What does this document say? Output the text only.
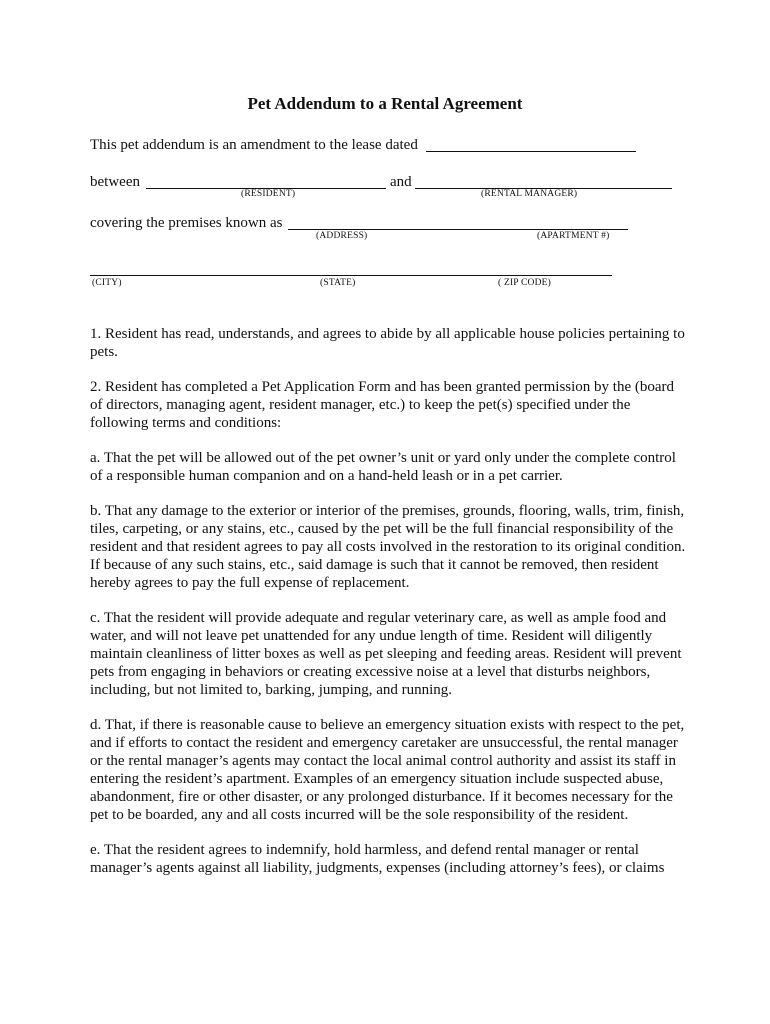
Pet Addendum to a Rental Agreement
This pet addendum is an amendment to the lease dated
between	and
(RESIDENT)	(RENTAL MANAGER)
covering the premises known as
(ADDRESS)	(APARTMENT #)
(CITY)	(STATE)	( ZIP CODE)

1. Resident has read, understands, and agrees to abide by all applicable house policies pertaining to pets.

2. Resident has completed a Pet Application Form and has been granted permission by the (board of directors, managing agent, resident manager, etc.) to keep the pet(s) specified under the following terms and conditions:

a. That the pet will be allowed out of the pet owner’s unit or yard only under the complete control of a responsible human companion and on a hand-held leash or in a pet carrier.

b. That any damage to the exterior or interior of the premises, grounds, flooring, walls, trim, finish, tiles, carpeting, or any stains, etc., caused by the pet will be the full financial responsibility of the resident and that resident agrees to pay all costs involved in the restoration to its original condition. If because of any such stains, etc., said damage is such that it cannot be removed, then resident hereby agrees to pay the full expense of replacement.

c. That the resident will provide adequate and regular veterinary care, as well as ample food and water, and will not leave pet unattended for any undue length of time. Resident will diligently maintain cleanliness of litter boxes as well as pet sleeping and feeding areas. Resident will prevent pets from engaging in behaviors or creating excessive noise at a level that disturbs neighbors, including, but not limited to, barking, jumping, and running.

d. That, if there is reasonable cause to believe an emergency situation exists with respect to the pet, and if efforts to contact the resident and emergency caretaker are unsuccessful, the rental manager or the rental manager’s agents may contact the local animal control authority and assist its staff in entering the resident’s apartment. Examples of an emergency situation include suspected abuse, abandonment, fire or other disaster, or any prolonged disturbance. If it becomes necessary for the pet to be boarded, any and all costs incurred will be the sole responsibility of the resident.

e. That the resident agrees to indemnify, hold harmless, and defend rental manager or rental manager’s agents against all liability, judgments, expenses (including attorney’s fees), or claims
